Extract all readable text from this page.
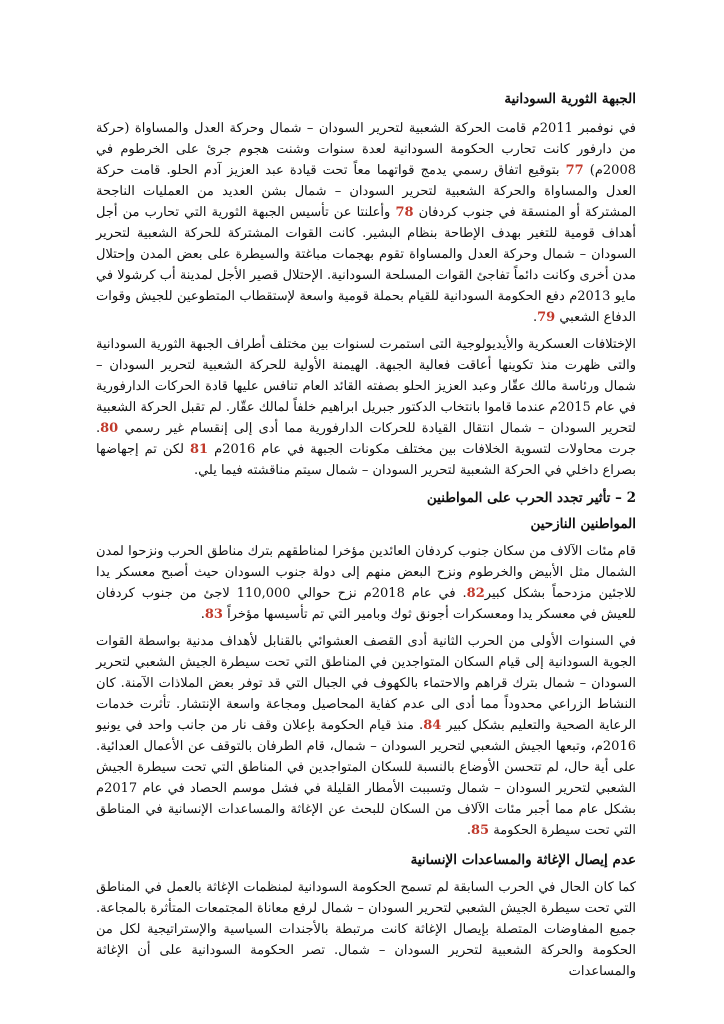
الجبهة الثورية السودانية

في نوفمبر 2011م قامت الحركة الشعبية لتحرير السودان – شمال وحركة العدل والمساواة (حركة من دارفور كانت تحارب الحكومة السودانية لعدة سنوات وشنت هجوم جرئ على الخرطوم في 2008م) 77 بتوقيع اتفاق رسمي يدمج قواتهما معاً تحت قيادة عبد العزيز آدم الحلو. قامت حركة العدل والمساواة والحركة الشعبية لتحرير السودان – شمال بشن العديد من العمليات الناجحة المشتركة أو المنسقة في جنوب كردفان 78 وأعلنتا عن تأسيس الجبهة الثورية التي تحارب من أجل أهداف قومية للتغير بهدف الإطاحة بنظام البشير. كانت القوات المشتركة للحركة الشعبية لتحرير السودان – شمال وحركة العدل والمساواة تقوم بهجمات مباغتة والسيطرة على بعض المدن وإحتلال مدن أخرى وكانت دائماً تفاجئ القوات المسلحة السودانية. الإحتلال قصير الأجل لمدينة أب كرشولا في مايو 2013م دفع الحكومة السودانية للقيام بحملة قومية واسعة لإستقطاب المتطوعين للجيش وقوات الدفاع الشعبي 79.

الإختلافات العسكرية والأيديولوجية التى استمرت لسنوات بين مختلف أطراف الجبهة الثورية السودانية والتى ظهرت منذ تكوينها أعاقت فعالية الجبهة. الهيمنة الأولية للحركة الشعبية لتحرير السودان – شمال ورئاسة مالك عقّار وعبد العزيز الحلو بصفته القائد العام تنافس عليها قادة الحركات الدارفورية في عام 2015م عندما قاموا بانتخاب الدكتور جبريل ابراهيم خلفاً لمالك عقّار. لم تقبل الحركة الشعبية لتحرير السودان – شمال انتقال القيادة للحركات الدارفورية مما أدى إلى إنقسام غير رسمي 80. جرت محاولات لتسوية الخلافات بين مختلف مكونات الجبهة في عام 2016م 81 لكن تم إجهاضها بصراع داخلي في الحركة الشعبية لتحرير السودان – شمال سيتم مناقشته فيما يلي.

2 – تأثير تجدد الحرب على المواطنين
المواطنين النازحين

قام مئات الآلاف من سكان جنوب كردفان العائدين مؤخرا لمناطقهم بترك مناطق الحرب ونزحوا لمدن الشمال مثل الأبيض والخرطوم ونزح البعض منهم إلى دولة جنوب السودان حيث أصبح معسكر يدا للاجئين مزدحماً بشكل كبير82. في عام 2018م نزح حوالي 110,000 لاجئ من جنوب كردفان للعيش في معسكر يدا ومعسكرات أجونق ثوك وبامير التي تم تأسيسها مؤخراً 83.

في السنوات الأولى من الحرب الثانية أدى القصف العشوائي بالقنابل لأهداف مدنية بواسطة القوات الجوية السودانية إلى قيام السكان المتواجدين في المناطق التي تحت سيطرة الجيش الشعبي لتحرير السودان – شمال بترك قراهم والاحتماء بالكهوف في الجبال التي قد توفر بعض الملاذات الآمنة. كان النشاط الزراعي محدوداً مما أدى الى عدم كفاية المحاصيل ومجاعة واسعة الإنتشار. تأثرت خدمات الرعاية الصحية والتعليم بشكل كبير 84. منذ قيام الحكومة بإعلان وقف نار من جانب واحد في يونيو 2016م، وتبعها الجيش الشعبي لتحرير السودان – شمال، قام الطرفان بالتوقف عن الأعمال العدائية. على أية حال، لم تتحسن الأوضاع بالنسبة للسكان المتواجدين في المناطق التي تحت سيطرة الجيش الشعبي لتحرير السودان – شمال وتسببت الأمطار القليلة في فشل موسم الحصاد في عام 2017م بشكل عام مما أجبر مئات الآلاف من السكان للبحث عن الإغاثة والمساعدات الإنسانية في المناطق التي تحت سيطرة الحكومة 85.

عدم إيصال الإغاثة والمساعدات الإنسانية

كما كان الحال في الحرب السابقة لم تسمح الحكومة السودانية لمنظمات الإغاثة بالعمل في المناطق التي تحت سيطرة الجيش الشعبي لتحرير السودان – شمال لرفع معاناة المجتمعات المتأثرة بالمجاعة. جميع المفاوضات المتصلة بإيصال الإغاثة كانت مرتبطة بالأجندات السياسية والإستراتيجية لكل من الحكومة والحركة الشعبية لتحرير السودان – شمال. تصر الحكومة السودانية على أن الإغاثة والمساعدات
